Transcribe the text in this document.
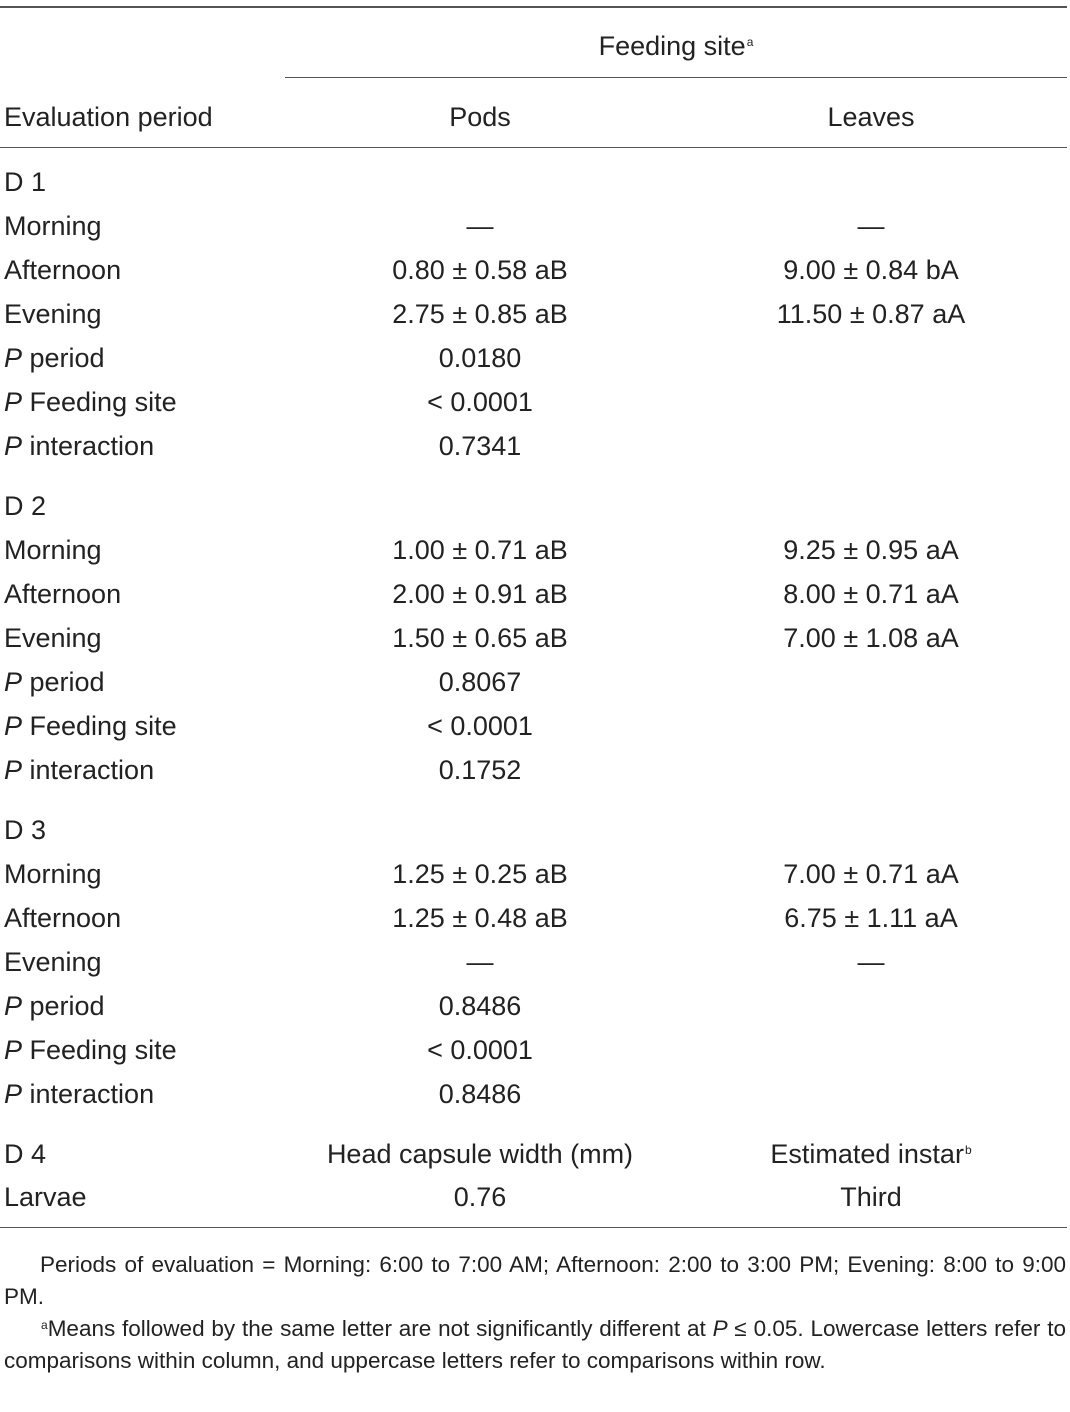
Feeding site$^a$
Evaluation period	Pods	Leaves
D 1
Morning	—	—
Afternoon	0.80 ± 0.58 aB	9.00 ± 0.84 bA
Evening	2.75 ± 0.85 aB	11.50 ± 0.87 aA
P period	0.0180
P Feeding site	< 0.0001
P interaction	0.7341
D 2
Morning	1.00 ± 0.71 aB	9.25 ± 0.95 aA
Afternoon	2.00 ± 0.91 aB	8.00 ± 0.71 aA
Evening	1.50 ± 0.65 aB	7.00 ± 1.08 aA
P period	0.8067
P Feeding site	< 0.0001
P interaction	0.1752
D 3
Morning	1.25 ± 0.25 aB	7.00 ± 0.71 aA
Afternoon	1.25 ± 0.48 aB	6.75 ± 1.11 aA
Evening	—	—
P period	0.8486
P Feeding site	< 0.0001
P interaction	0.8486
D 4	Head capsule width (mm)	Estimated instar$^b$
Larvae	0.76	Third

Periods of evaluation = Morning: 6:00 to 7:00 AM; Afternoon: 2:00 to 3:00 PM; Evening: 8:00 to 9:00 PM.

$^a$Means followed by the same letter are not significantly different at P ≤ 0.05. Lowercase letters refer to comparisons within column, and uppercase letters refer to comparisons within row.
